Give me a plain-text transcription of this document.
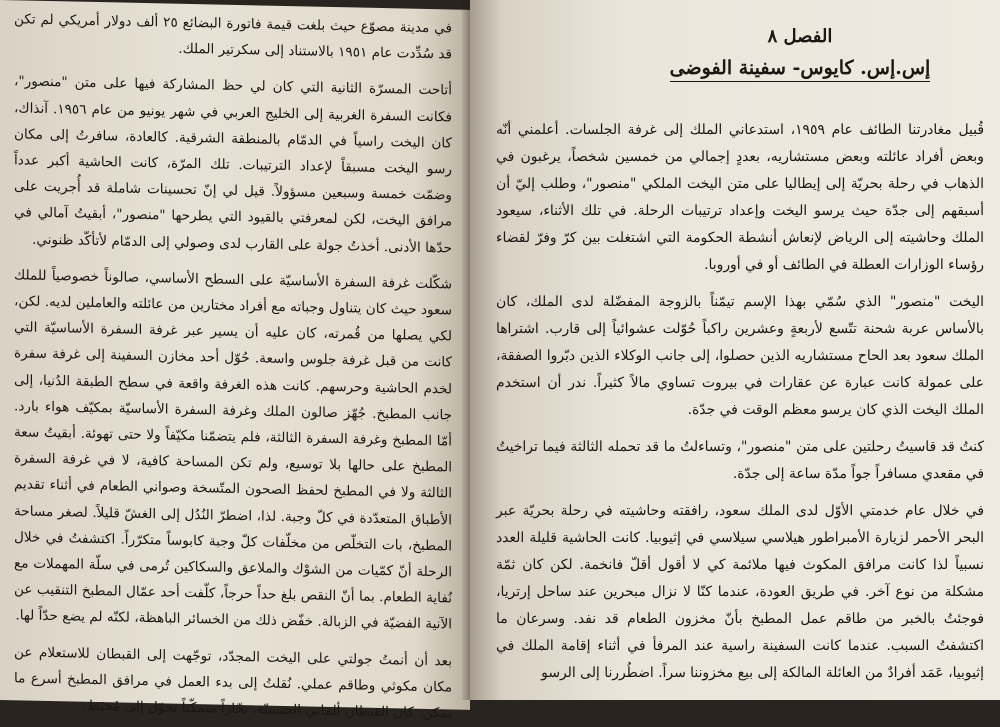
في مدينة مصوّع حيث بلغت قيمة فاتورة البضائع ٢٥ ألف دولار أمريكي لم تكن قد سُدِّدت عام ١٩٥١ بالاستناد إلى سكرتير الملك.

أتاحت المسرّة الثانية التي كان لي حظ المشاركة فيها على متن "منصور"، فكانت السفرة الغربية إلى الخليج العربي في شهر يونيو من عام ١٩٥٦. آنذاك، كان اليخت راسياً في الدمّام بالمنطقة الشرقية. كالعادة، سافرتُ إلى مكان رسو اليخت مسبقاً لإعداد الترتيبات. تلك المرّة، كانت الحاشية أكبر عدداً وضمّت خمسة وسبعين مسؤولاً. قيل لي إنّ تحسينات شاملة قد أُجريت على مرافق اليخت، لكن لمعرفتي بالقيود التي يطرحها "منصور"، أبقيتُ آمالي في حدّها الأدنى. أخذتُ جولة على القارب لدى وصولي إلى الدمّام لأتأكّد ظنوني.

شكّلت غرفة السفرة الأساسيّة على السطح الأساسي، صالوناً خصوصياً للملك سعود حيث كان يتناول وجباته مع أفراد مختارين من عائلته والعاملين لديه. لكن، لكي يصلها من قُمرته، كان عليه أن يسير عبر غرفة السفرة الأساسيّة التي كانت من قبل غرفة جلوس واسعة. حُوّل أحد مخازن السفينة إلى غرفة سفرة لخدم الحاشية وحرسهم. كانت هذه الغرفة واقعة في سطح الطبقة الدُنيا، إلى جانب المطبخ. جُهّز صالون الملك وغرفة السفرة الأساسيّة بمكيّف هواء بارد. أمّا المطبخ وغرفة السفرة الثالثة، فلم يتضمّنا مكيّفاً ولا حتى تهوئة. أبقيتُ سعة المطبخ على حالها بلا توسيع، ولم تكن المساحة كافية، لا في غرفة السفرة الثالثة ولا في المطبخ لحفظ الصحون المتّسخة وصواني الطعام في أثناء تقديم الأطباق المتعدّدة في كلّ وجبة. لذا، اضطرّ النُدُل إلى الغشّ قليلاً. لصغر مساحة المطبخ، بات التخلّص من مخلّفات كلّ وجبة كابوساً متكرّراً. اكتشفتُ في خلال الرحلة أنّ كمّيات من الشوْك والملاعق والسكاكين تُرمى في سلّة المهملات مع نُفاية الطعام. بما أنّ النقص بلغ حداً حرجاً، كلّفت أحد عمّال المطبخ التنقيب عن الآنية الفضيّة في الزبالة. خفّض ذلك من الخسائر الباهظة، لكنّه لم يضع حدّاً لها.

بعد أن أنمتُ جولتي على اليخت المجدّد، توجّهت إلى القبطان للاستعلام عن مكان مكوثي وطاقم عملي. نُقلتُ إلى بدء العمل في مرافق المطبخ أسرع ما يمكن. كان القبطان ألماني الجنسيّة، بحّاراً متمكّناً تحوّل إلى مُحبَط.

الفصل ٨
إس.إس. كايوس- سفينة الفوضى

قُبيل مغادرتنا الطائف عام ١٩٥٩، استدعاني الملك إلى غرفة الجلسات. أعلمني أنّه وبعض أفراد عائلته وبعض مستشاريه، بعددٍ إجمالي من خمسين شخصاً، يرغبون في الذهاب في رحلة بحريّة إلى إيطاليا على متن اليخت الملكي "منصور"، وطلب إليّ أن أسبقهم إلى جدّة حيث يرسو اليخت وإعداد ترتيبات الرحلة. في تلك الأثناء، سيعود الملك وحاشيته إلى الرياض لإنعاش أنشطة الحكومة التي اشتغلت بين كرّ وفرّ لقضاء رؤساء الوزارات العطلة في الطائف أو في أوروبا.

اليخت "منصور" الذي سُمّي بهذا الإسم تيمّناً بالزوجة المفضّلة لدى الملك، كان بالأساس عربة شحنة تتّسع لأربعةٍ وعشرين راكباً حُوّلت عشوائياً إلى قارب. اشتراها الملك سعود بعد الحاح مستشاريه الذين حصلوا، إلى جانب الوكلاء الذين دبّروا الصفقة، على عمولة كانت عبارة عن عقارات في بيروت تساوي مالاً كثيراً. ندر أن استخدم الملك اليخت الذي كان يرسو معظم الوقت في جدّة.

كنتُ قد قاسيتُ رحلتين على متن "منصور"، وتساءلتُ ما قد تحمله الثالثة فيما تراخيتُ في مقعدي مسافراً جواً مدّة ساعة إلى جدّة.

في خلال عام خدمتي الأوّل لدى الملك سعود، رافقته وحاشيته في رحلة بحريّة عبر البحر الأحمر لزيارة الأمبراطور هيلاسي سيلاسي في إثيوبيا. كانت الحاشية قليلة العدد نسبياً لذا كانت مرافق المكوث فيها ملائمة كي لا أقول أقلّ فانخمة. لكن كان ثمّة مشكلة من نوع آخر. في طريق العودة، عندما كنّا لا نزال مبحرين عند ساحل إرتريا، فوجئتُ بالخبر من طاقم عمل المطبخ بأنّ مخزون الطعام قد نفد. وسرعان ما اكتشفتُ السبب. عندما كانت السفينة راسية عند المرفأ في أثناء إقامة الملك في إثيوبيا، عَمَد أفرادٌ من العائلة المالكة إلى بيع مخزوننا سراً. اضطُررنا إلى الرسو
